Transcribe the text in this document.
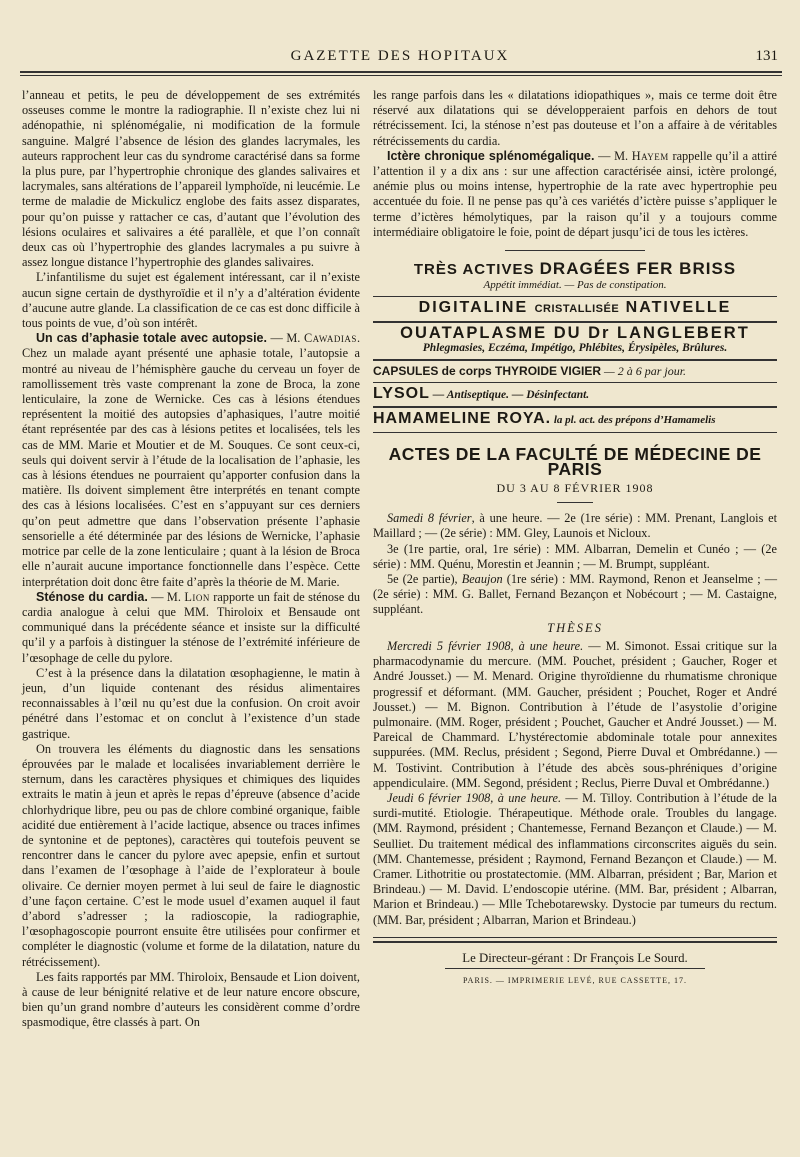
GAZETTE DES HOPITAUX	131

l’anneau et petits, le peu de développement de ses extrémités osseuses comme le montre la radiographie. Il n’existe chez lui ni adénopathie, ni splénomégalie, ni modification de la formule sanguine. Malgré l’absence de lésion des glandes lacrymales, les auteurs rapprochent leur cas du syndrome caractérisé dans sa forme la plus pure, par l’hypertrophie chronique des glandes salivaires et lacrymales, sans altérations de l’appareil lymphoïde, ni leucémie. Le terme de maladie de Mickulicz englobe des faits assez disparates, pour qu’on puisse y rattacher ce cas, d’autant que l’évolution des lésions oculaires et salivaires a été parallèle, et que l’on connaît deux cas où l’hypertrophie des glandes lacrymales a pu suivre à assez longue distance l’hypertrophie des glandes salivaires.

L’infantilisme du sujet est également intéressant, car il n’existe aucun signe certain de dysthyroïdie et il n’y a d’altération évidente d’aucune autre glande. La classification de ce cas est donc difficile à tous points de vue, d’où son intérêt.

Un cas d’aphasie totale avec autopsie. — M. Cawadias. Chez un malade ayant présenté une aphasie totale, l’autopsie a montré au niveau de l’hémisphère gauche du cerveau un foyer de ramollissement très vaste comprenant la zone de Broca, la zone lenticulaire, la zone de Wernicke. Ces cas à lésions étendues représentent la moitié des autopsies d’aphasiques, l’autre moitié étant représentée par des cas à lésions petites et localisées, tels les cas de MM. Marie et Moutier et de M. Souques. Ce sont ceux-ci, seuls qui doivent servir à l’étude de la localisation de l’aphasie, les cas à lésions étendues ne pourraient qu’apporter confusion dans la matière. Ils doivent simplement être interprétés en tenant compte des cas à lésions localisées. C’est en s’appuyant sur ces derniers qu’on peut admettre que dans l’observation présente l’aphasie sensorielle a été déterminée par des lésions de Wernicke, l’aphasie motrice par celle de la zone lenticulaire ; quant à la lésion de Broca elle n’aurait aucune importance fonctionnelle dans l’espèce. Cette interprétation doit donc être faite d’après la théorie de M. Marie.

Sténose du cardia. — M. Lion rapporte un fait de sténose du cardia analogue à celui que MM. Thiroloix et Bensaude ont communiqué dans la précédente séance et insiste sur la difficulté qu’il y a parfois à distinguer la sténose de l’extrémité inférieure de l’œsophage de celle du pylore.

C’est à la présence dans la dilatation œsophagienne, le matin à jeun, d’un liquide contenant des résidus alimentaires reconnaissables à l’œil nu qu’est due la confusion. On croit avoir pénétré dans l’estomac et on conclut à l’existence d’un stade gastrique.

On trouvera les éléments du diagnostic dans les sensations éprouvées par le malade et localisées invariablement derrière le sternum, dans les caractères physiques et chimiques des liquides extraits le matin à jeun et après le repas d’épreuve (absence d’acide chlorhydrique libre, peu ou pas de chlore combiné organique, faible acidité due entièrement à l’acide lactique, absence ou traces infimes de syntonine et de peptones), caractères qui toutefois peuvent se rencontrer dans le cancer du pylore avec apepsie, enfin et surtout dans l’examen de l’œsophage à l’aide de l’explorateur à boule olivaire. Ce dernier moyen permet à lui seul de faire le diagnostic d’une façon certaine. C’est le mode usuel d’examen auquel il faut d’abord s’adresser ; la radioscopie, la radiographie, l’œsophagoscopie pourront ensuite être utilisées pour confirmer et compléter le diagnostic (volume et forme de la dilatation, nature du rétrécissement).

Les faits rapportés par MM. Thiroloix, Bensaude et Lion doivent, à cause de leur bénignité relative et de leur nature encore obscure, bien qu’un grand nombre d’auteurs les considèrent comme d’ordre spasmodique, être classés à part. On

les range parfois dans les « dilatations idiopathiques », mais ce terme doit être réservé aux dilatations qui se développeraient parfois en dehors de tout rétrécissement. Ici, la sténose n’est pas douteuse et l’on a affaire à de véritables rétrécissements du cardia.

Ictère chronique splénomégalique. — M. Hayem rappelle qu’il a attiré l’attention il y a dix ans : sur une affection caractérisée ainsi, ictère prolongé, anémie plus ou moins intense, hypertrophie de la rate avec hypertrophie peu accentuée du foie. Il ne pense pas qu’à ces variétés d’ictère puisse s’appliquer le terme d’ictères hémolytiques, par la raison qu’il y a toujours comme intermédiaire obligatoire le foie, point de départ jusqu’ici de tous les ictères.

TRÈS ACTIVES DRAGÉES FER BRISS
Appétit immédiat. — Pas de constipation.
DIGITALINE CRISTALLISÉE NATIVELLE
OUATAPLASME DU Dr LANGLEBERT
Phlegmasies, Eczéma, Impétigo, Phlébites, Érysipèles, Brûlures.
CAPSULES de corps THYROIDE VIGIER — 2 à 6 par jour.
LYSOL — Antiseptique. — Désinfectant.
HAMAMELINE ROYA. la pl. act. des prépons d’Hamamelis
ACTES DE LA FACULTÉ DE MÉDECINE DE PARIS
DU 3 AU 8 FÉVRIER 1908

Samedi 8 février, à une heure. — 2e (1re série) : MM. Prenant, Langlois et Maillard ; — (2e série) : MM. Gley, Launois et Nicloux.

3e (1re partie, oral, 1re série) : MM. Albarran, Demelin et Cunéo ; — (2e série) : MM. Quénu, Morestin et Jeannin ; — M. Brumpt, suppléant.

5e (2e partie), Beaujon (1re série) : MM. Raymond, Renon et Jeanselme ; — (2e série) : MM. G. Ballet, Fernand Bezançon et Nobécourt ; — M. Castaigne, suppléant.

THÈSES

Mercredi 5 février 1908, à une heure. — M. Simonot. Essai critique sur la pharmacodynamie du mercure. (MM. Pouchet, président ; Gaucher, Roger et André Jousset.) — M. Menard. Origine thyroïdienne du rhumatisme chronique progressif et déformant. (MM. Gaucher, président ; Pouchet, Roger et André Jousset.) — M. Bignon. Contribution à l’étude de l’asystolie d’origine pulmonaire. (MM. Roger, président ; Pouchet, Gaucher et André Jousset.) — M. Pareical de Chammard. L’hystérectomie abdominale totale pour annexites suppurées. (MM. Reclus, président ; Segond, Pierre Duval et Ombrédanne.) — M. Tostivint. Contribution à l’étude des abcès sous-phréniques d’origine appendiculaire. (MM. Segond, président ; Reclus, Pierre Duval et Ombrédanne.)

Jeudi 6 février 1908, à une heure. — M. Tilloy. Contribution à l’étude de la surdi-mutité. Etiologie. Thérapeutique. Méthode orale. Troubles du langage. (MM. Raymond, président ; Chantemesse, Fernand Bezançon et Claude.) — M. Seulliet. Du traitement médical des inflammations circonscrites aiguës du sein. (MM. Chantemesse, président ; Raymond, Fernand Bezançon et Claude.) — M. Cramer. Lithotritie ou prostatectomie. (MM. Albarran, président ; Bar, Marion et Brindeau.) — M. David. L’endoscopie utérine. (MM. Bar, président ; Albarran, Marion et Brindeau.) — Mlle Tchebotarewsky. Dystocie par tumeurs du rectum. (MM. Bar, président ; Albarran, Marion et Brindeau.)

Le Directeur-gérant : Dr François Le Sourd.
PARIS. — IMPRIMERIE LEVÉ, RUE CASSETTE, 17.
